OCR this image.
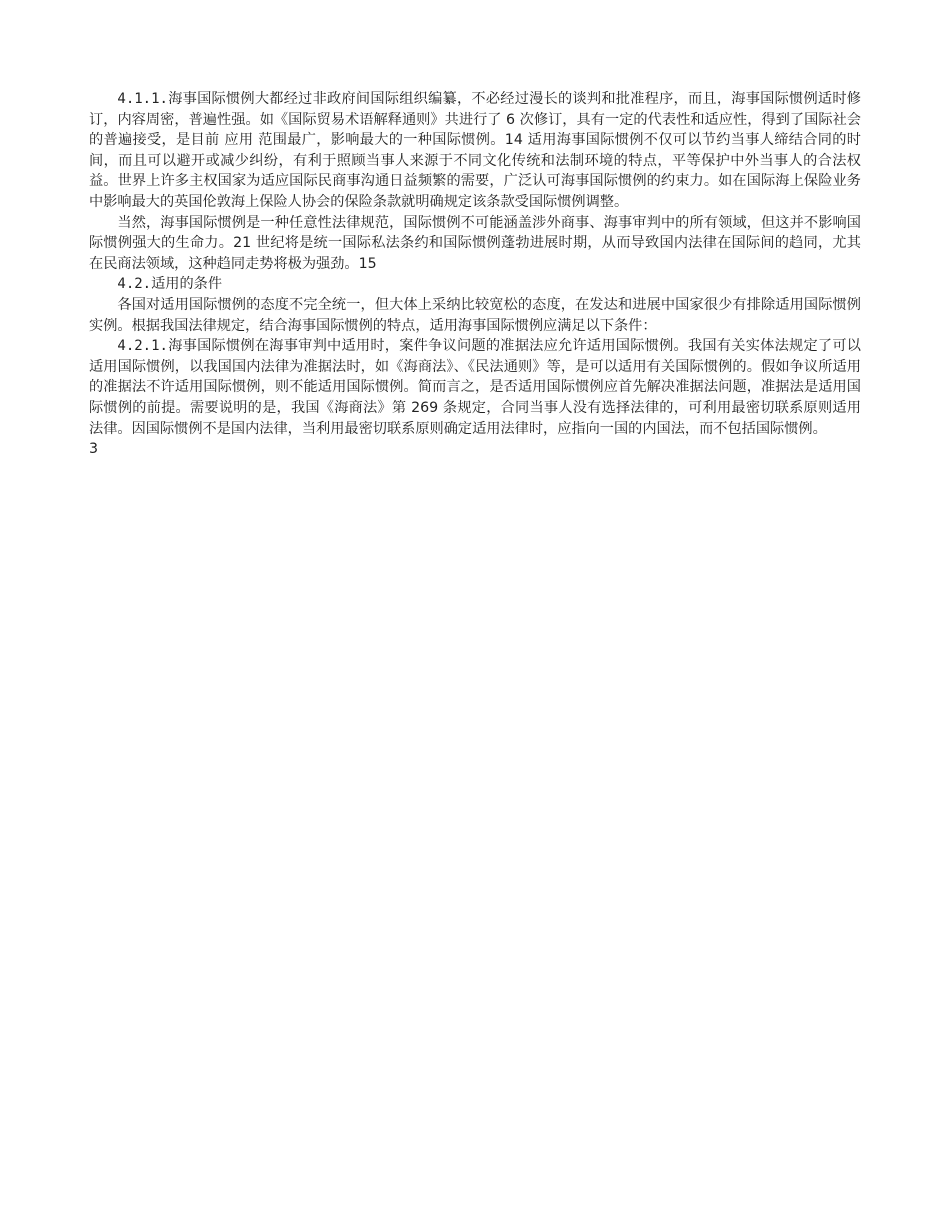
4.1.1.海事国际惯例大都经过非政府间国际组织编纂，不必经过漫长的谈判和批准程序，而且，海事国际惯例适时修订，内容周密，普遍性强。如《国际贸易术语解释通则》共进行了 6 次修订，具有一定的代表性和适应性，得到了国际社会的普遍接受，是目前 应用 范围最广，影响最大的一种国际惯例。14 适用海事国际惯例不仅可以节约当事人缔结合同的时间，而且可以避开或减少纠纷，有利于照顾当事人来源于不同文化传统和法制环境的特点，平等保护中外当事人的合法权益。世界上许多主权国家为适应国际民商事沟通日益频繁的需要，广泛认可海事国际惯例的约束力。如在国际海上保险业务中影响最大的英国伦敦海上保险人协会的保险条款就明确规定该条款受国际惯例调整。

当然，海事国际惯例是一种任意性法律规范，国际惯例不可能涵盖涉外商事、海事审判中的所有领域，但这并不影响国际惯例强大的生命力。21 世纪将是统一国际私法条约和国际惯例蓬勃进展时期，从而导致国内法律在国际间的趋同，尤其在民商法领域，这种趋同走势将极为强劲。15

4.2.适用的条件

各国对适用国际惯例的态度不完全统一，但大体上采纳比较宽松的态度，在发达和进展中国家很少有排除适用国际惯例实例。根据我国法律规定，结合海事国际惯例的特点，适用海事国际惯例应满足以下条件：

4.2.1.海事国际惯例在海事审判中适用时，案件争议问题的准据法应允许适用国际惯例。我国有关实体法规定了可以适用国际惯例，以我国国内法律为准据法时，如《海商法》、《民法通则》等，是可以适用有关国际惯例的。假如争议所适用的准据法不许适用国际惯例，则不能适用国际惯例。简而言之，是否适用国际惯例应首先解决准据法问题，准据法是适用国际惯例的前提。需要说明的是，我国《海商法》第 269 条规定，合同当事人没有选择法律的，可利用最密切联系原则适用法律。因国际惯例不是国内法律，当利用最密切联系原则确定适用法律时，应指向一国的内国法，而不包括国际惯例。

3
